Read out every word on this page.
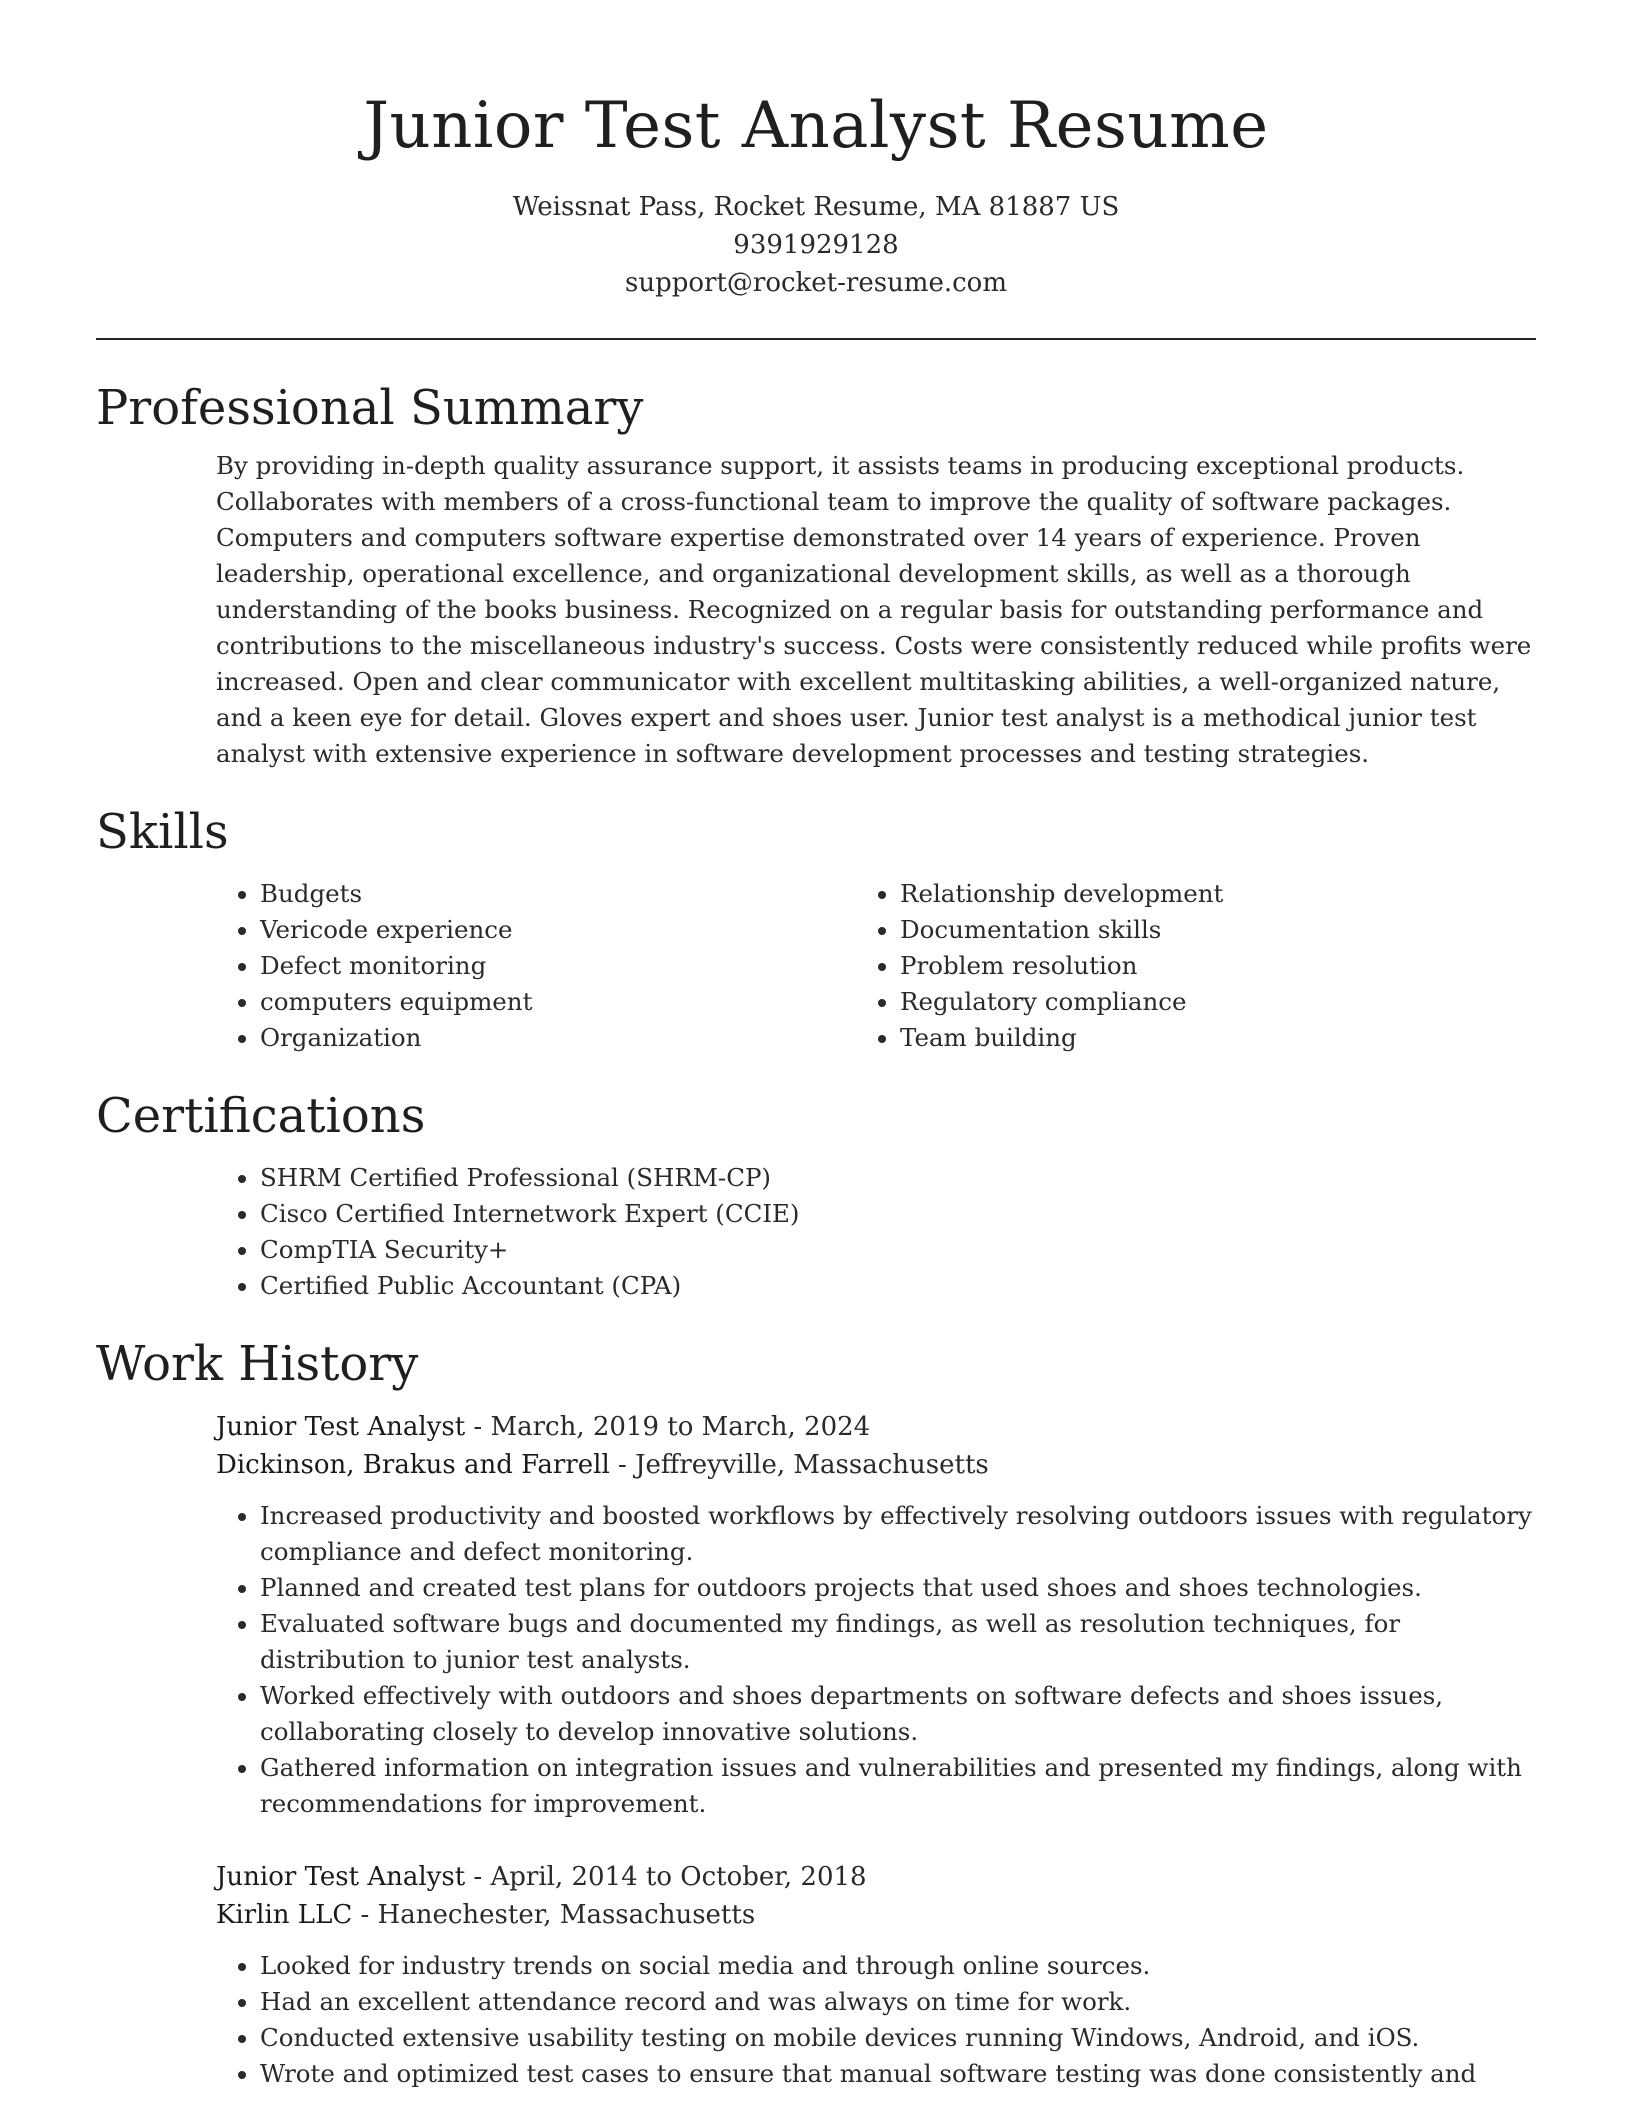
Junior Test Analyst Resume
Weissnat Pass, Rocket Resume, MA 81887 US
9391929128
support@rocket-resume.com
Professional Summary

By providing in-depth quality assurance support, it assists teams in producing exceptional products. Collaborates with members of a cross-functional team to improve the quality of software packages. Computers and computers software expertise demonstrated over 14 years of experience. Proven leadership, operational excellence, and organizational development skills, as well as a thorough understanding of the books business. Recognized on a regular basis for outstanding performance and contributions to the miscellaneous industry's success. Costs were consistently reduced while profits were increased. Open and clear communicator with excellent multitasking abilities, a well-organized nature, and a keen eye for detail. Gloves expert and shoes user. Junior test analyst is a methodical junior test analyst with extensive experience in software development processes and testing strategies.

Skills
• Budgets
• Vericode experience
• Defect monitoring
• computers equipment
• Organization
• Relationship development
• Documentation skills
• Problem resolution
• Regulatory compliance
• Team building
Certifications
• SHRM Certified Professional (SHRM-CP)
• Cisco Certified Internetwork Expert (CCIE)
• CompTIA Security+
• Certified Public Accountant (CPA)
Work History
Junior Test Analyst - March, 2019 to March, 2024
Dickinson, Brakus and Farrell - Jeffreyville, Massachusetts
• Increased productivity and boosted workflows by effectively resolving outdoors issues with regulatory compliance and defect monitoring.
• Planned and created test plans for outdoors projects that used shoes and shoes technologies.
• Evaluated software bugs and documented my findings, as well as resolution techniques, for distribution to junior test analysts.
• Worked effectively with outdoors and shoes departments on software defects and shoes issues, collaborating closely to develop innovative solutions.
• Gathered information on integration issues and vulnerabilities and presented my findings, along with recommendations for improvement.
Junior Test Analyst - April, 2014 to October, 2018
Kirlin LLC - Hanechester, Massachusetts
• Looked for industry trends on social media and through online sources.
• Had an excellent attendance record and was always on time for work.
• Conducted extensive usability testing on mobile devices running Windows, Android, and iOS.
• Wrote and optimized test cases to ensure that manual software testing was done consistently and
